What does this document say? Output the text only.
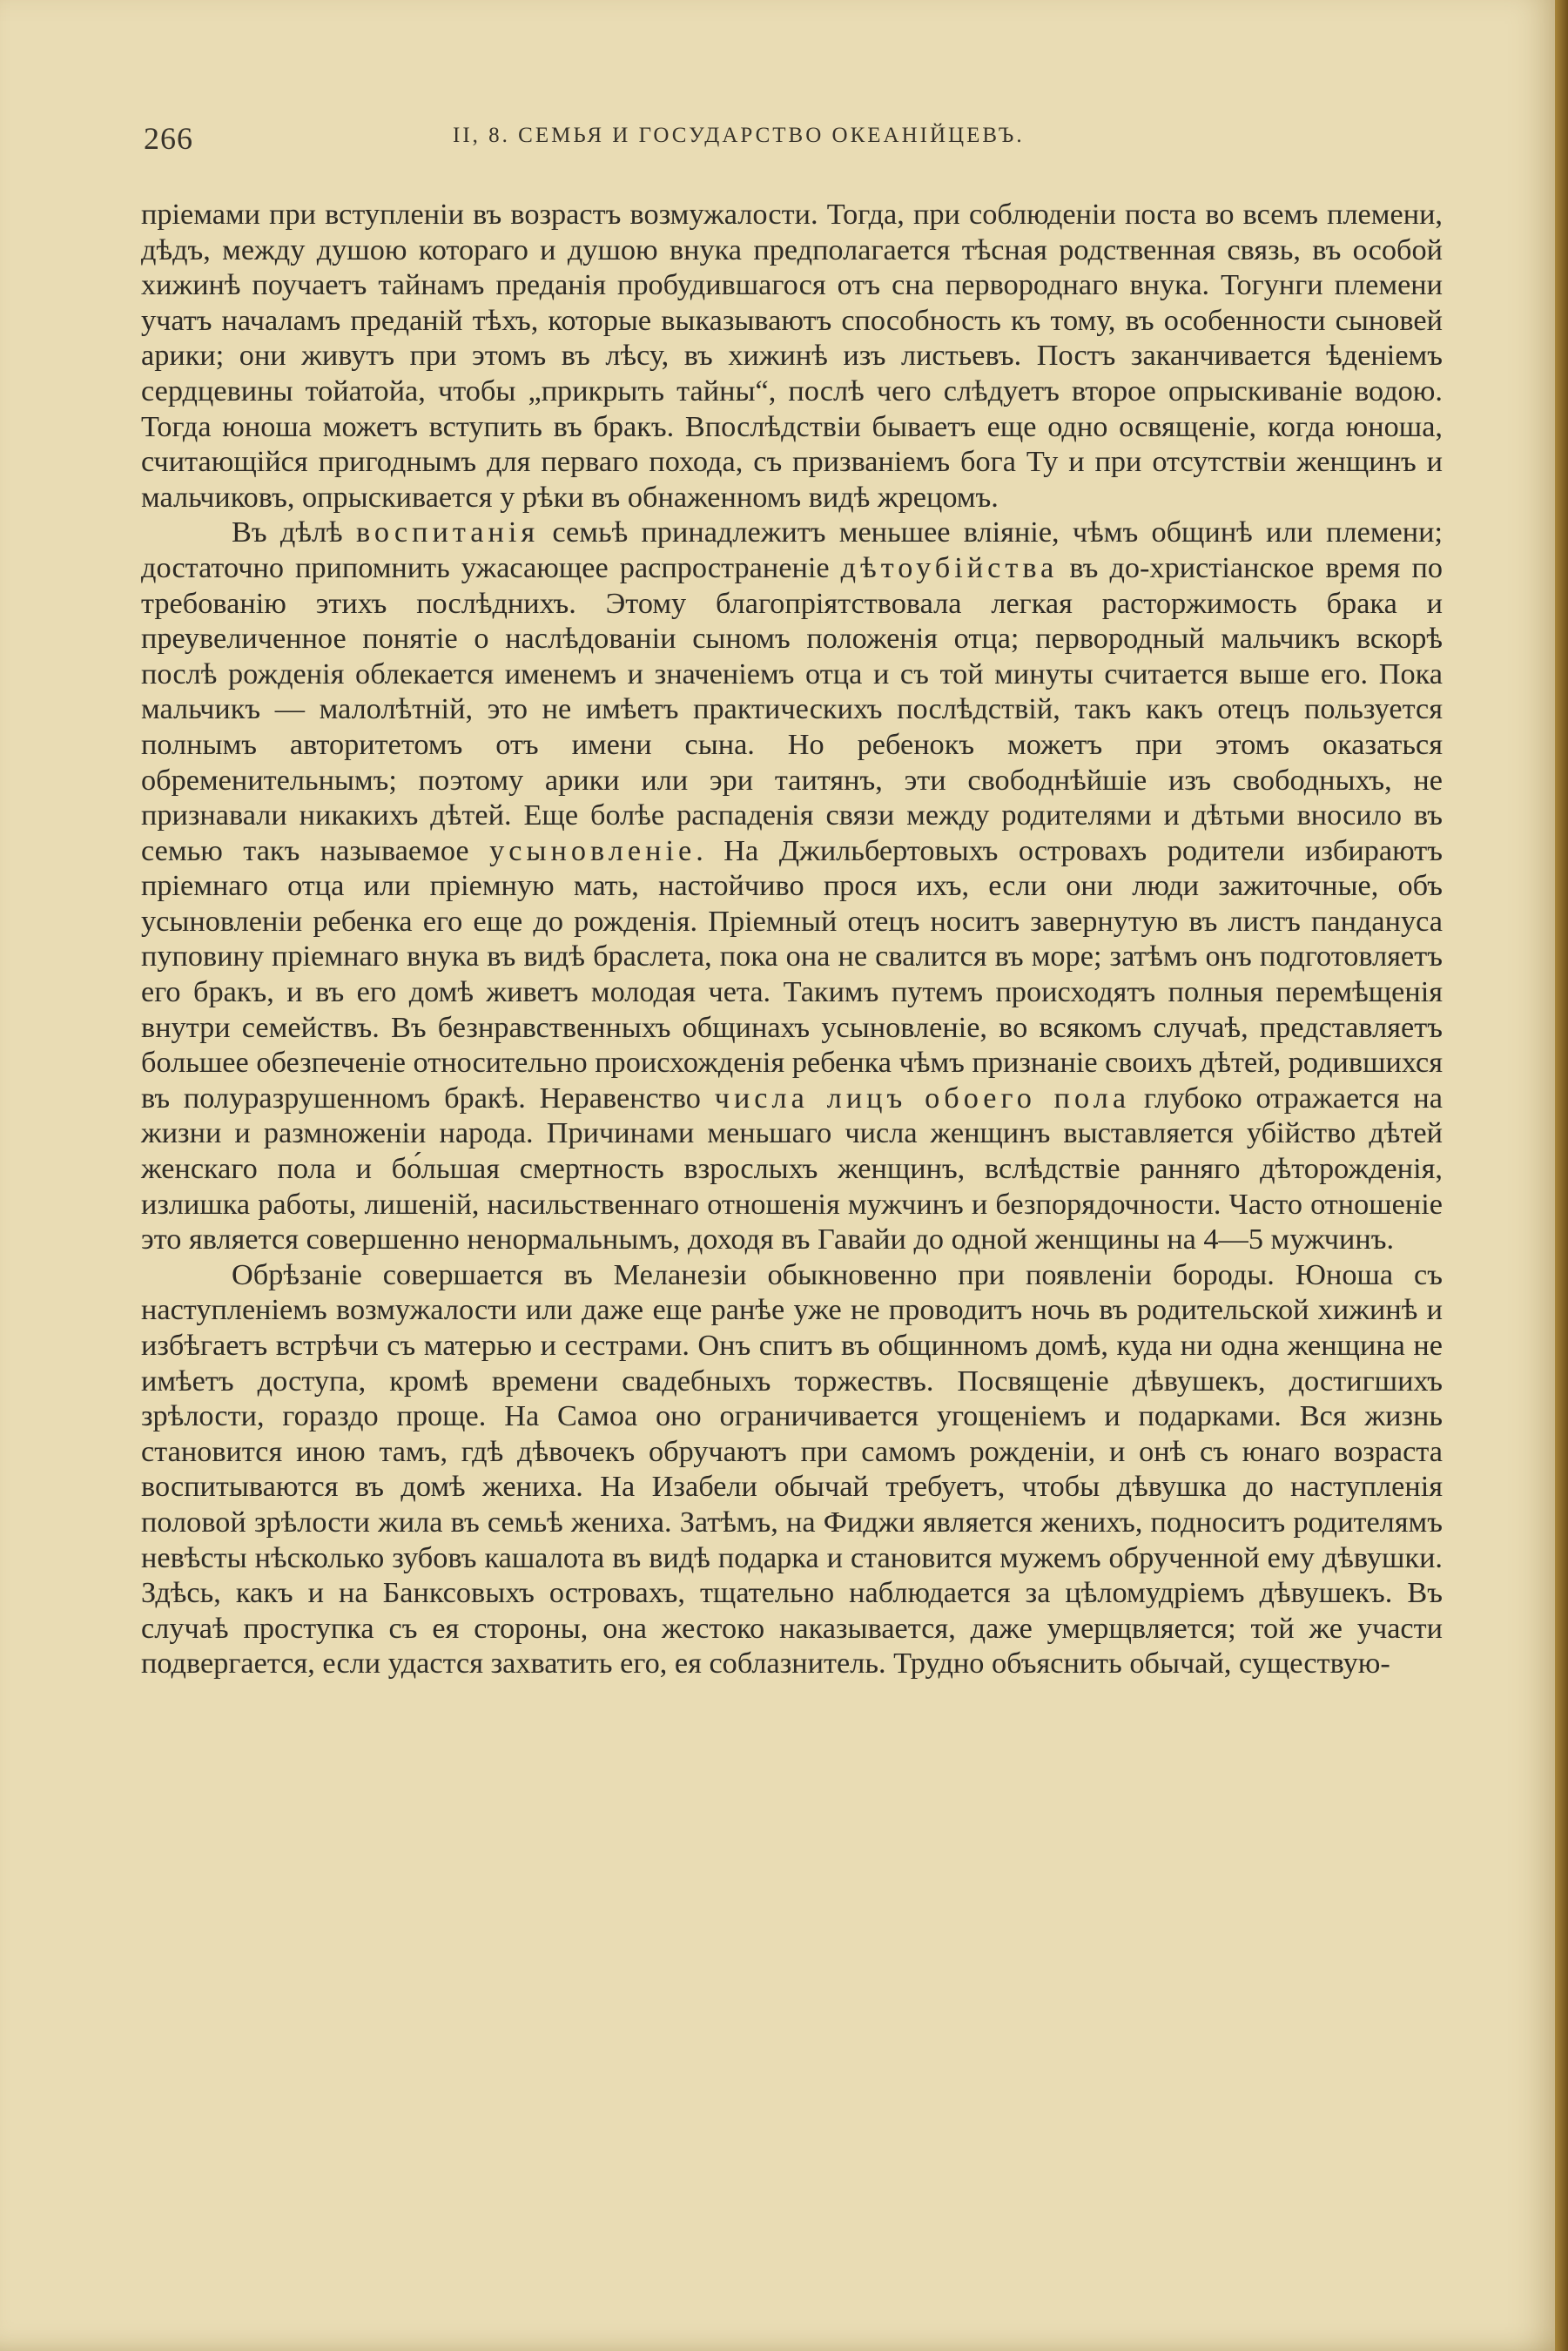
266	II, 8. СЕМЬЯ И ГОСУДАРСТВО ОКЕАНІЙЦЕВЪ.

пріемами при вступленіи въ возрастъ возмужалости. Тогда, при соблюденіи поста во всемъ племени, дѣдъ, между душою котораго и душою внука предполагается тѣсная родственная связь, въ особой хижинѣ поучаетъ тайнамъ преданія пробудившагося отъ сна первороднаго внука. Тогунги племени учатъ началамъ преданій тѣхъ, которые выказываютъ способность къ тому, въ особенности сыновей арики; они живутъ при этомъ въ лѣсу, въ хижинѣ изъ листьевъ. Постъ заканчивается ѣденіемъ сердцевины тойатойа, чтобы „прикрыть тайны“, послѣ чего слѣдуетъ второе опрыскиваніе водою. Тогда юноша можетъ вступить въ бракъ. Впослѣдствіи бываетъ еще одно освященіе, когда юноша, считающійся пригоднымъ для перваго похода, съ призваніемъ бога Ту и при отсутствіи женщинъ и мальчиковъ, опрыскивается у рѣки въ обнаженномъ видѣ жрецомъ.

Въ дѣлѣ воспитанія семьѣ принадлежитъ меньшее вліяніе, чѣмъ общинѣ или племени; достаточно припомнить ужасающее распространеніе дѣтоубійства въ до-христіанское время по требованію этихъ послѣднихъ. Этому благопріятствовала легкая расторжимость брака и преувеличенное понятіе о наслѣдованіи сыномъ положенія отца; первородный мальчикъ вскорѣ послѣ рожденія облекается именемъ и значеніемъ отца и съ той минуты считается выше его. Пока мальчикъ — малолѣтній, это не имѣетъ практическихъ послѣдствій, такъ какъ отецъ пользуется полнымъ авторитетомъ отъ имени сына. Но ребенокъ можетъ при этомъ оказаться обременительнымъ; поэтому арики или эри таитянъ, эти свободнѣйшіе изъ свободныхъ, не признавали никакихъ дѣтей. Еще болѣе распаденія связи между родителями и дѣтьми вносило въ семью такъ называемое усыновленіе. На Джильбертовыхъ островахъ родители избираютъ пріемнаго отца или пріемную мать, настойчиво прося ихъ, если они люди зажиточные, объ усыновленіи ребенка его еще до рожденія. Пріемный отецъ носитъ завернутую въ листъ пандануса пуповину пріемнаго внука въ видѣ браслета, пока она не свалится въ море; затѣмъ онъ подготовляетъ его бракъ, и въ его домѣ живетъ молодая чета. Такимъ путемъ происходятъ полныя перемѣщенія внутри семействъ. Въ безнравственныхъ общинахъ усыновленіе, во всякомъ случаѣ, представляетъ большее обезпеченіе относительно происхожденія ребенка чѣмъ признаніе своихъ дѣтей, родившихся въ полуразрушенномъ бракѣ. Неравенство числа лицъ обоего пола глубоко отражается на жизни и размноженіи народа. Причинами меньшаго числа женщинъ выставляется убійство дѣтей женскаго пола и бо́льшая смертность взрослыхъ женщинъ, вслѣдствіе ранняго дѣторожденія, излишка работы, лишеній, насильственнаго отношенія мужчинъ и безпорядочности. Часто отношеніе это является совершенно ненормальнымъ, доходя въ Гавайи до одной женщины на 4—5 мужчинъ.

Обрѣзаніе совершается въ Меланезіи обыкновенно при появленіи бороды. Юноша съ наступленіемъ возмужалости или даже еще ранѣе уже не проводитъ ночь въ родительской хижинѣ и избѣгаетъ встрѣчи съ матерью и сестрами. Онъ спитъ въ общинномъ домѣ, куда ни одна женщина не имѣетъ доступа, кромѣ времени свадебныхъ торжествъ. Посвященіе дѣвушекъ, достигшихъ зрѣлости, гораздо проще. На Самоа оно ограничивается угощеніемъ и подарками. Вся жизнь становится иною тамъ, гдѣ дѣвочекъ обручаютъ при самомъ рожденіи, и онѣ съ юнаго возраста воспитываются въ домѣ жениха. На Изабели обычай требуетъ, чтобы дѣвушка до наступленія половой зрѣлости жила въ семьѣ жениха. Затѣмъ, на Фиджи является женихъ, подноситъ родителямъ невѣсты нѣсколько зубовъ кашалота въ видѣ подарка и становится мужемъ обрученной ему дѣвушки. Здѣсь, какъ и на Банксовыхъ островахъ, тщательно наблюдается за цѣломудріемъ дѣвушекъ. Въ случаѣ проступка съ ея стороны, она жестоко наказывается, даже умерщвляется; той же участи подвергается, если удастся захватить его, ея соблазнитель. Трудно объяснить обычай, существую-
